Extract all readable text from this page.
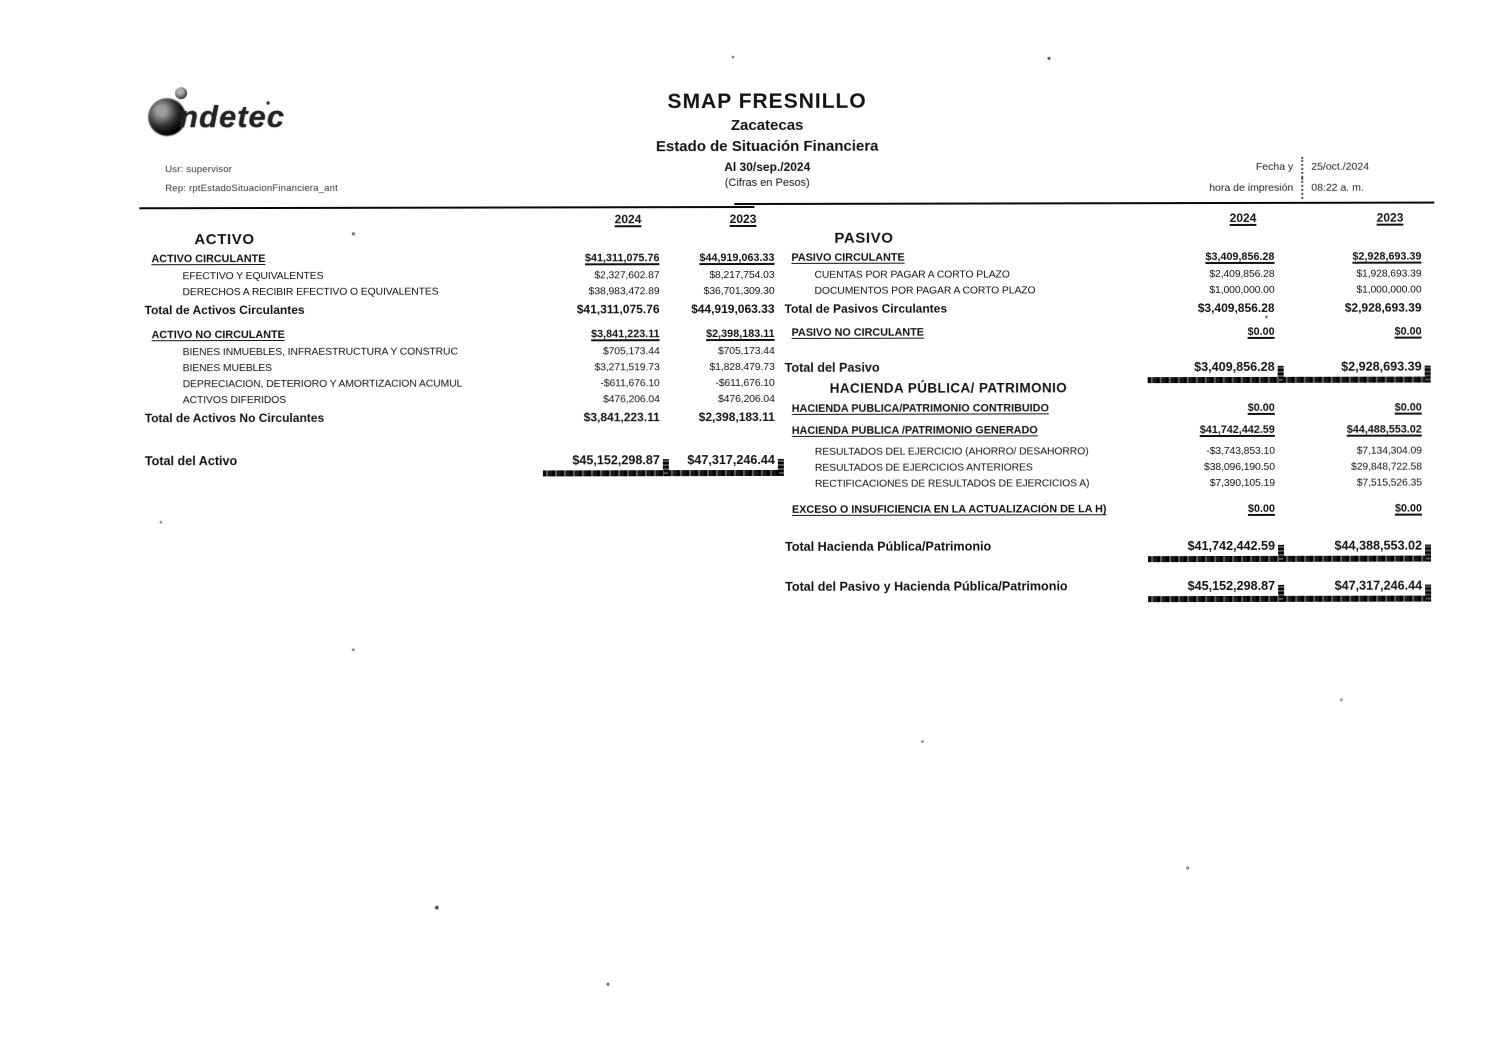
ndetec
Usr: supervisor
Rep: rptEstadoSituacionFinanciera_ant
SMAP FRESNILLO
Zacatecas
Estado de Situación Financiera
Al 30/sep./2024
(Cifras en Pesos)
Fecha y	25/oct./2024
hora de impresión	08:22 a. m.
2024	2023
ACTIVO
ACTIVO CIRCULANTE	$41,311,075.76	$44,919,063.33
EFECTIVO Y EQUIVALENTES	$2,327,602.87	$8,217,754.03
DERECHOS A RECIBIR EFECTIVO O EQUIVALENTES	$38,983,472.89	$36,701,309.30
Total de Activos Circulantes	$41,311,075.76	$44,919,063.33
ACTIVO NO CIRCULANTE	$3,841,223.11	$2,398,183.11
BIENES INMUEBLES, INFRAESTRUCTURA Y CONSTRUC	$705,173.44	$705,173.44
BIENES MUEBLES	$3,271,519.73	$1,828,479.73
DEPRECIACIÓN, DETERIORO Y AMORTIZACIÓN ACUMUL	-$611,676.10	-$611,676.10
ACTIVOS DIFERIDOS	$476,206.04	$476,206.04
Total de Activos No Circulantes	$3,841,223.11	$2,398,183.11
Total del Activo	$45,152,298.87	$47,317,246.44
2024	2023
PASIVO
PASIVO CIRCULANTE	$3,409,856.28	$2,928,693.39
CUENTAS POR PAGAR A CORTO PLAZO	$2,409,856.28	$1,928,693.39
DOCUMENTOS POR PAGAR A CORTO PLAZO	$1,000,000.00	$1,000,000.00
Total de Pasivos Circulantes	$3,409,856.28	$2,928,693.39
PASIVO NO CIRCULANTE	$0.00	$0.00
Total del Pasivo	$3,409,856.28	$2,928,693.39
HACIENDA PÚBLICA/ PATRIMONIO
HACIENDA PÚBLICA/PATRIMONIO CONTRIBUIDO	$0.00	$0.00
HACIENDA PÚBLICA /PATRIMONIO GENERADO	$41,742,442.59	$44,488,553.02
RESULTADOS DEL EJERCICIO (AHORRO/ DESAHORRO)	-$3,743,853.10	$7,134,304.09
RESULTADOS DE EJERCICIOS ANTERIORES	$38,096,190.50	$29,848,722.58
RECTIFICACIONES DE RESULTADOS DE EJERCICIOS A)	$7,390,105.19	$7,515,526.35
EXCESO O INSUFICIENCIA EN LA ACTUALIZACIÓN DE LA H)	$0.00	$0.00
Total Hacienda Pública/Patrimonio	$41,742,442.59	$44,388,553.02
Total del Pasivo y Hacienda Pública/Patrimonio	$45,152,298.87	$47,317,246.44
